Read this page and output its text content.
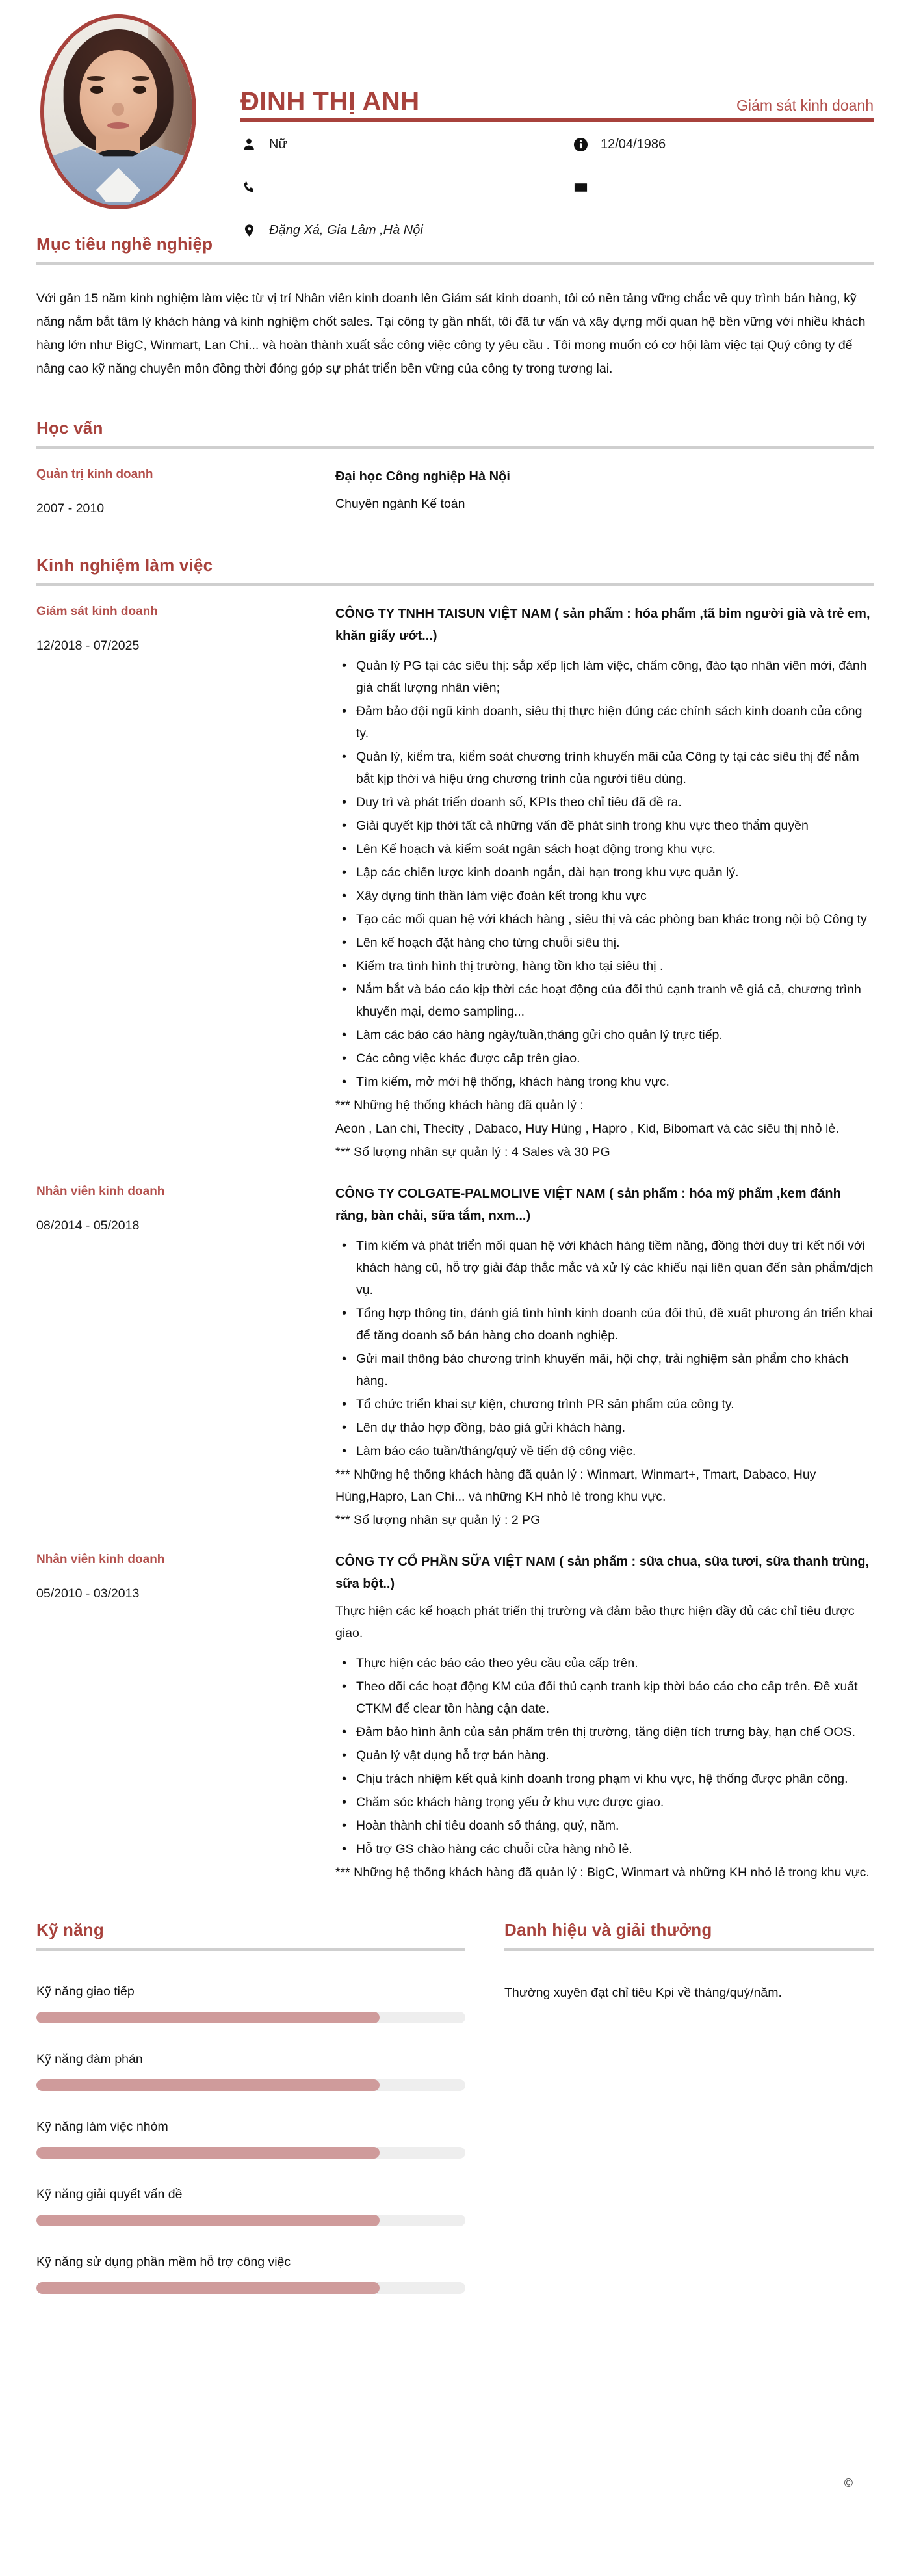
ĐINH THỊ ANH	Giám sát kinh doanh
Nữ	12/04/1986
Đặng Xá, Gia Lâm ,Hà Nội
Mục tiêu nghề nghiệp
Với gần 15 năm kinh nghiệm làm việc từ vị trí Nhân viên kinh doanh lên Giám sát kinh doanh, tôi có nền tảng vững chắc về quy trình bán hàng, kỹ năng nắm bắt tâm lý khách hàng và kinh nghiệm chốt sales. Tại công ty gần nhất, tôi đã tư vấn và xây dựng mối quan hệ bền vững với nhiều khách hàng lớn như BigC, Winmart, Lan Chi... và hoàn thành xuất sắc công việc công ty yêu cầu . Tôi mong muốn có cơ hội làm việc tại Quý công ty để nâng cao kỹ năng chuyên môn đồng thời đóng góp sự phát triển bền vững của công ty trong tương lai.
Học vấn
Quản trị kinh doanh
2007 - 2010
Đại học Công nghiệp Hà Nội
Chuyên ngành Kế toán
Kinh nghiệm làm việc
Giám sát kinh doanh
12/2018 - 07/2025
CÔNG TY TNHH TAISUN VIỆT NAM ( sản phẩm : hóa phẩm ,tã bỉm người già và trẻ em, khăn giấy ướt...)
• Quản lý PG tại các siêu thị: sắp xếp lịch làm việc, chấm công, đào tạo nhân viên mới, đánh giá chất lượng nhân viên;
• Đảm bảo đội ngũ kinh doanh, siêu thị thực hiện đúng các chính sách kinh doanh của công ty.
• Quản lý, kiểm tra, kiểm soát chương trình khuyến mãi của Công ty tại các siêu thị để nắm bắt kịp thời và hiệu ứng chương trình của người tiêu dùng.
• Duy trì và phát triển doanh số, KPIs theo chỉ tiêu đã đề ra.
• Giải quyết kịp thời tất cả những vấn đề phát sinh trong khu vực theo thẩm quyền
• Lên Kế hoạch và kiểm soát ngân sách hoạt động trong khu vực.
• Lập các chiến lược kinh doanh ngắn, dài hạn trong khu vực quản lý.
• Xây dựng tinh thần làm việc đoàn kết trong khu vực
• Tạo các mối quan hệ với khách hàng , siêu thị và các phòng ban khác trong nội bộ Công ty
• Lên kế hoạch đặt hàng cho từng chuỗi siêu thị.
• Kiểm tra tình hình thị trường, hàng tồn kho tại siêu thị .
• Nắm bắt và báo cáo kịp thời các hoạt động của đối thủ cạnh tranh về giá cả, chương trình khuyến mại, demo sampling...
• Làm các báo cáo hàng ngày/tuần,tháng gửi cho quản lý trực tiếp.
• Các công việc khác được cấp trên giao.
• Tìm kiếm, mở mới hệ thống, khách hàng trong khu vực.
*** Những hệ thống khách hàng đã quản lý :
Aeon , Lan chi, Thecity , Dabaco, Huy Hùng , Hapro , Kid, Bibomart và các siêu thị nhỏ lẻ.
*** Số lượng nhân sự quản lý : 4 Sales và 30 PG
Nhân viên kinh doanh
08/2014 - 05/2018
CÔNG TY COLGATE-PALMOLIVE VIỆT NAM ( sản phẩm : hóa mỹ phẩm ,kem đánh răng, bàn chải, sữa tắm, nxm...)
• Tìm kiếm và phát triển mối quan hệ với khách hàng tiềm năng, đồng thời duy trì kết nối với khách hàng cũ, hỗ trợ giải đáp thắc mắc và xử lý các khiếu nại liên quan đến sản phẩm/dịch vụ.
• Tổng hợp thông tin, đánh giá tình hình kinh doanh của đối thủ, đề xuất phương án triển khai để tăng doanh số bán hàng cho doanh nghiệp.
• Gửi mail thông báo chương trình khuyến mãi, hội chợ, trải nghiệm sản phẩm cho khách hàng.
• Tổ chức triển khai sự kiện, chương trình PR sản phẩm của công ty.
• Lên dự thảo hợp đồng, báo giá gửi khách hàng.
• Làm báo cáo tuần/tháng/quý về tiến độ công việc.
*** Những hệ thống khách hàng đã quản lý : Winmart, Winmart+, Tmart, Dabaco, Huy Hùng,Hapro, Lan Chi... và những KH nhỏ lẻ trong khu vực.
*** Số lượng nhân sự quản lý : 2 PG
Nhân viên kinh doanh
05/2010 - 03/2013
CÔNG TY CỔ PHẦN SỮA VIỆT NAM ( sản phẩm : sữa chua, sữa tươi, sữa thanh trùng, sữa bột..)
Thực hiện các kế hoạch phát triển thị trường và đảm bảo thực hiện đầy đủ các chỉ tiêu được giao.
• Thực hiện các báo cáo theo yêu cầu của cấp trên.
• Theo dõi các hoạt động KM của đối thủ cạnh tranh kịp thời báo cáo cho cấp trên. Đề xuất CTKM để clear tồn hàng cận date.
• Đảm bảo hình ảnh của sản phẩm trên thị trường, tăng diện tích trưng bày, hạn chế OOS.
• Quản lý vật dụng hỗ trợ bán hàng.
• Chịu trách nhiệm kết quả kinh doanh trong phạm vi khu vực, hệ thống được phân công.
• Chăm sóc khách hàng trọng yếu ở khu vực được giao.
• Hoàn thành chỉ tiêu doanh số tháng, quý, năm.
• Hỗ trợ GS chào hàng các chuỗi cửa hàng nhỏ lẻ.
*** Những hệ thống khách hàng đã quản lý : BigC, Winmart và những KH nhỏ lẻ trong khu vực.
Kỹ năng
Kỹ năng giao tiếp
Kỹ năng đàm phán
Kỹ năng làm việc nhóm
Kỹ năng giải quyết vấn đề
Kỹ năng sử dụng phần mềm hỗ trợ công việc
Danh hiệu và giải thưởng
Thường xuyên đạt chỉ tiêu Kpi về tháng/quý/năm.
©
